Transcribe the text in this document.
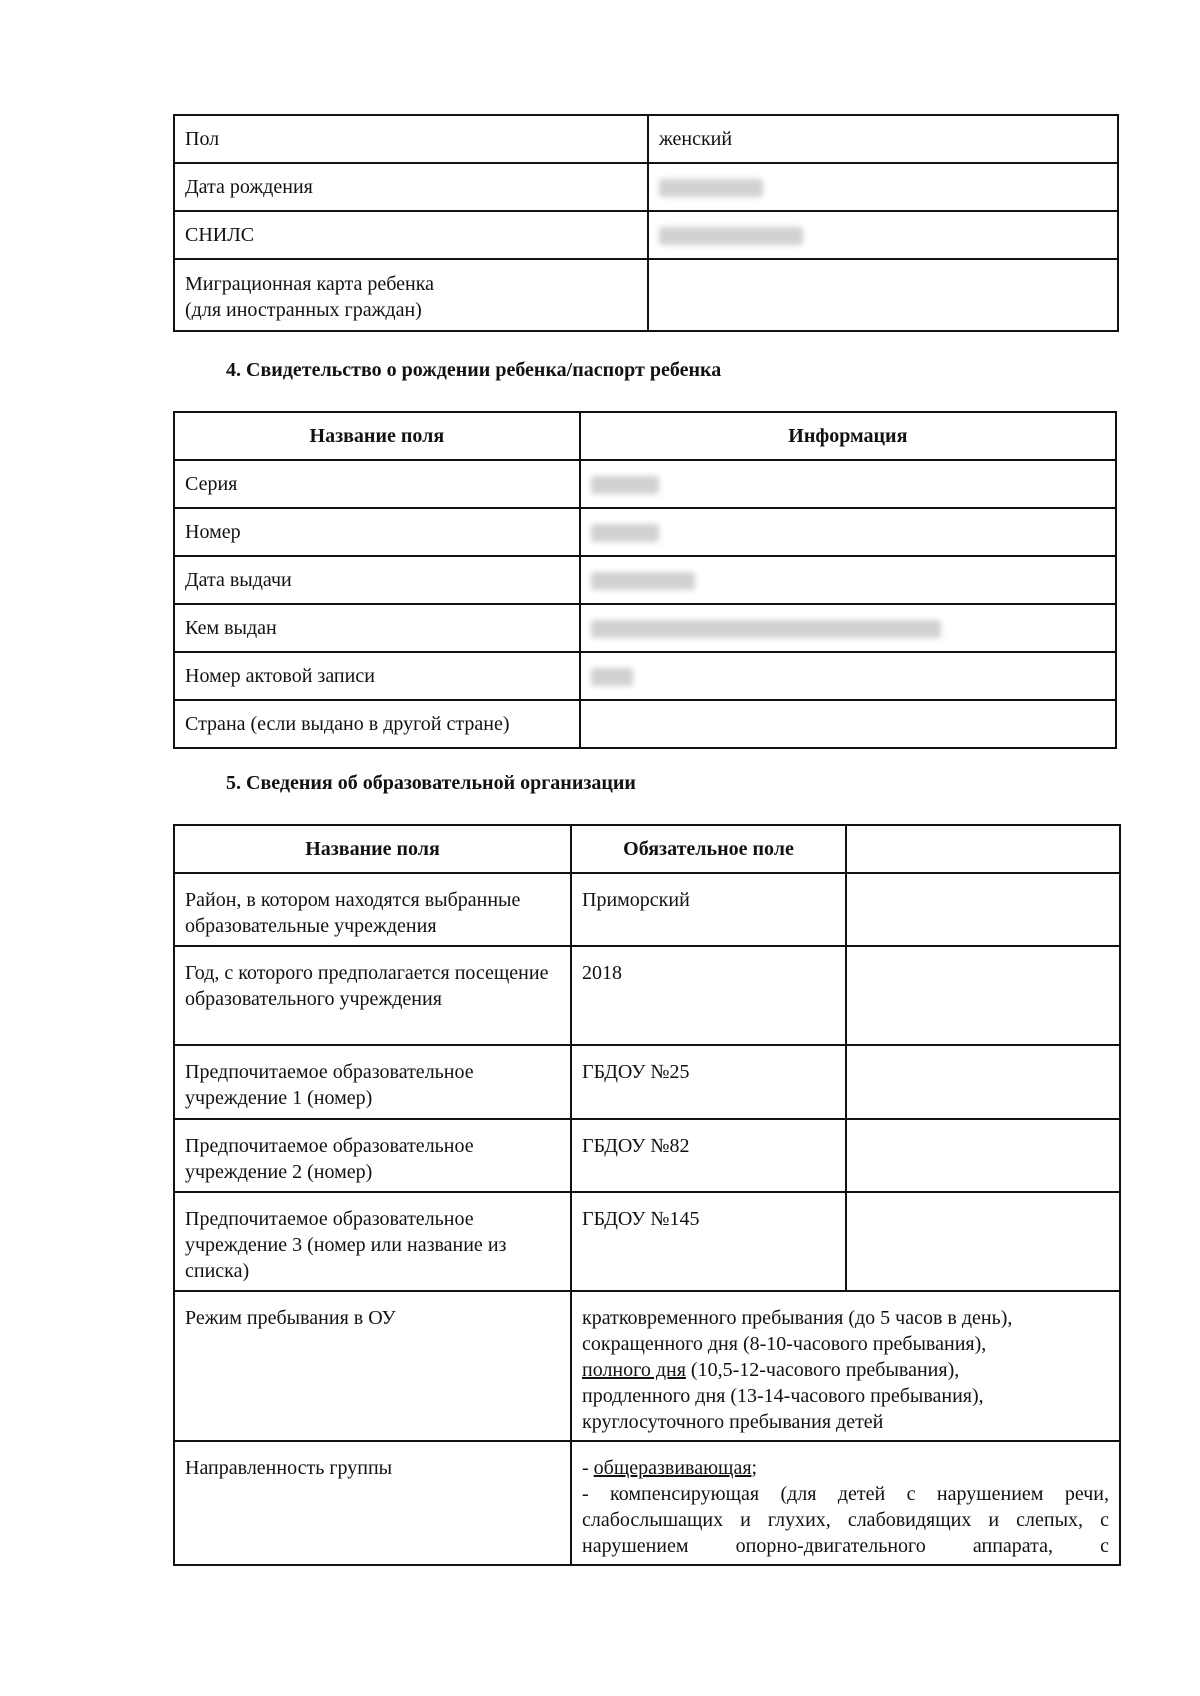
Пол	женский
Дата рождения	
СНИЛС	

Миграционная карта ребенка
(для иностранных граждан)	

4. Свидетельство о рождении ребенка/паспорт ребенка
Название поля	Информация
Серия	
Номер	
Дата выдачи	
Кем выдан	
Номер актовой записи	
Страна (если выдано в другой стране)	
5. Сведения об образовательной организации
Название поля	Обязательное поле	
Район, в котором находятся выбранные образовательные учреждения	Приморский	
Год, с которого предполагается посещение образовательного учреждения	2018	
Предпочитаемое образовательное учреждение 1 (номер)	ГБДОУ №25	
Предпочитаемое образовательное учреждение 2 (номер)	ГБДОУ №82	
Предпочитаемое образовательное учреждение 3 (номер или название из списка)	ГБДОУ №145	
Режим пребывания в ОУ	кратковременного пребывания (до 5 часов в день),
сокращенного дня (8-10-часового пребывания),
полного дня (10,5-12-часового пребывания),
продленного дня (13-14-часового пребывания),
круглосуточного пребывания детей	

Направленность группы	- общеразвивающая;
- компенсирующая (для детей с нарушением речи, слабослышащих и глухих, слабовидящих и слепых, с нарушением опорно-двигательного аппарата, с	
